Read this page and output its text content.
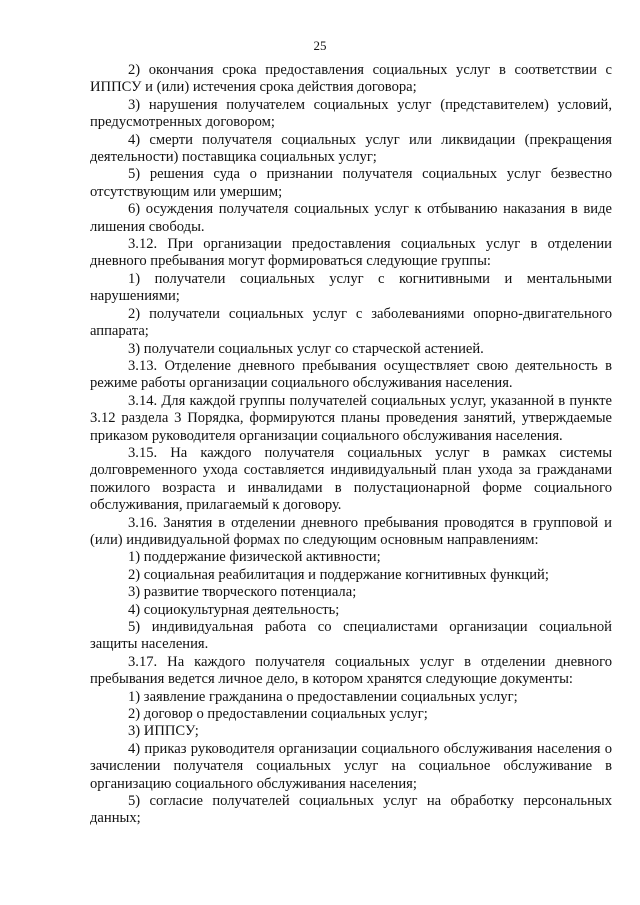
25

2) окончания срока предоставления социальных услуг в соответствии с ИППСУ и (или) истечения срока действия договора;

3) нарушения получателем социальных услуг (представителем) условий, предусмотренных договором;

4) смерти получателя социальных услуг или ликвидации (прекращения деятельности) поставщика социальных услуг;

5) решения суда о признании получателя социальных услуг безвестно отсутствующим или умершим;

6) осуждения получателя социальных услуг к отбыванию наказания в виде лишения свободы.

3.12. При организации предоставления социальных услуг в отделении дневного пребывания могут формироваться следующие группы:

1) получатели социальных услуг с когнитивными и ментальными нарушениями;

2) получатели социальных услуг с заболеваниями опорно-двигательного аппарата;

3) получатели социальных услуг со старческой астенией.

3.13. Отделение дневного пребывания осуществляет свою деятельность в режиме работы организации социального обслуживания населения.

3.14. Для каждой группы получателей социальных услуг, указанной в пункте 3.12 раздела 3 Порядка, формируются планы проведения занятий, утверждаемые приказом руководителя организации социального обслуживания населения.

3.15. На каждого получателя социальных услуг в рамках системы долговременного ухода составляется индивидуальный план ухода за гражданами пожилого возраста и инвалидами в полустационарной форме социального обслуживания, прилагаемый к договору.

3.16. Занятия в отделении дневного пребывания проводятся в групповой и (или) индивидуальной формах по следующим основным направлениям:

1) поддержание физической активности;

2) социальная реабилитация и поддержание когнитивных функций;

3) развитие творческого потенциала;

4) социокультурная деятельность;

5) индивидуальная работа со специалистами организации социальной защиты населения.

3.17. На каждого получателя социальных услуг в отделении дневного пребывания ведется личное дело, в котором хранятся следующие документы:

1) заявление гражданина о предоставлении социальных услуг;

2) договор о предоставлении социальных услуг;

3) ИППСУ;

4) приказ руководителя организации социального обслуживания населения о зачислении получателя социальных услуг на социальное обслуживание в организацию социального обслуживания населения;

5) согласие получателей социальных услуг на обработку персональных данных;
